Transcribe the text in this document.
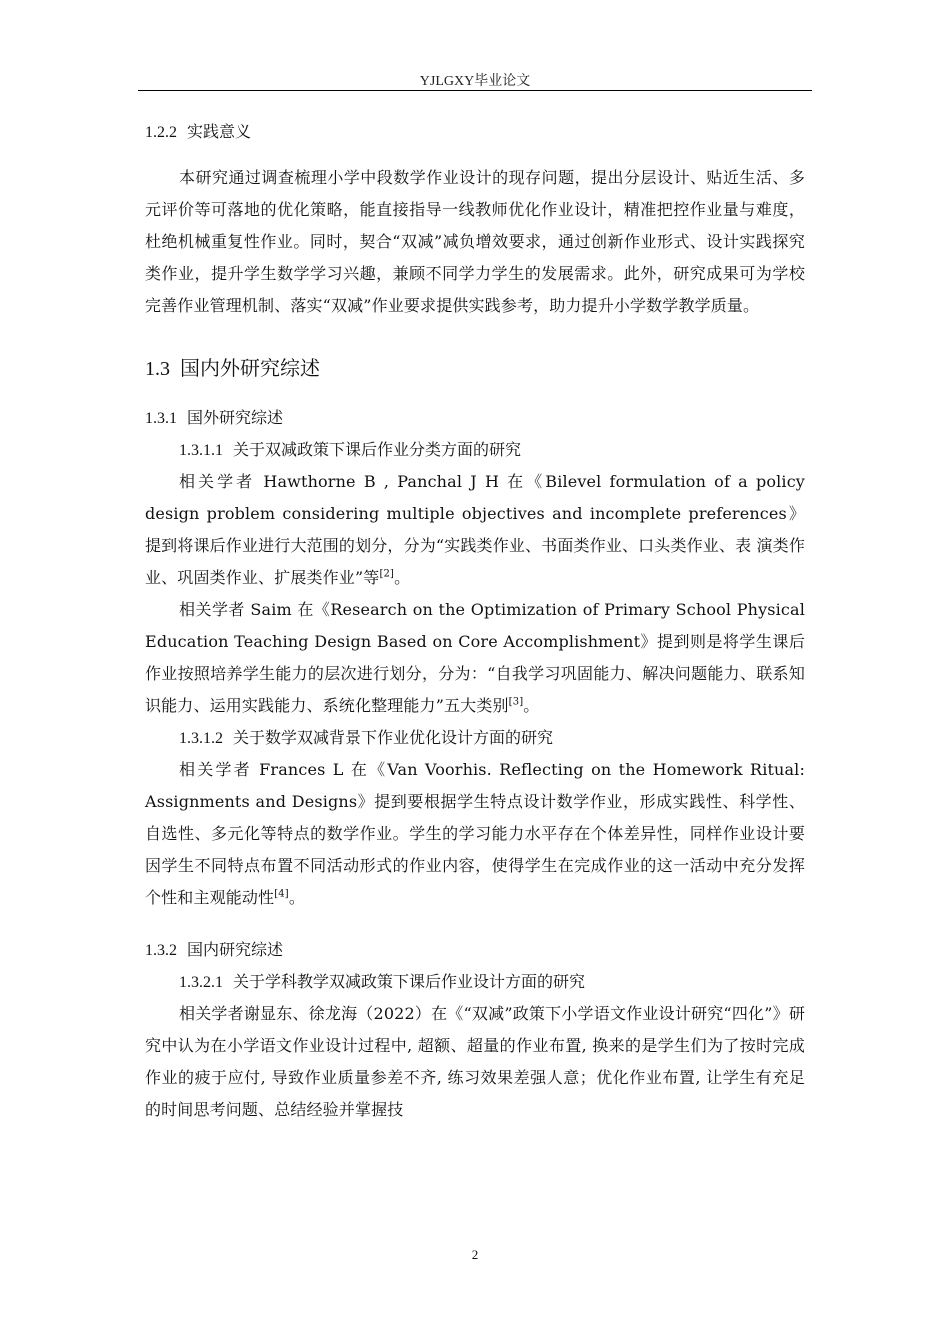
YJLGXY毕业论文
1.2.2 实践意义

本研究通过调查梳理小学中段数学作业设计的现存问题，提出分层设计、贴近生活、多元评价等可落地的优化策略，能直接指导一线教师优化作业设计，精准把控作业量与难度，杜绝机械重复性作业。同时，契合“双减”减负增效要求，通过创新作业形式、设计实践探究类作业，提升学生数学学习兴趣，兼顾不同学力学生的发展需求。此外，研究成果可为学校完善作业管理机制、落实“双减”作业要求提供实践参考，助力提升小学数学教学质量。

1.3 国内外研究综述
1.3.1 国外研究综述
1.3.1.1 关于双减政策下课后作业分类方面的研究

相关学者 Hawthorne B , Panchal J H 在《Bilevel formulation of a policy design problem considering multiple objectives and incomplete preferences》提到将课后作业进行大范围的划分，分为“实践类作业、书面类作业、口头类作业、表 演类作业、巩固类作业、扩展类作业”等[2]。

相关学者 Saim 在《Research on the Optimization of Primary School Physical Education Teaching Design Based on Core Accomplishment》提到则是将学生课后作业按照培养学生能力的层次进行划分，分为：“自我学习巩固能力、解决问题能力、联系知识能力、运用实践能力、系统化整理能力”五大类别[3]。

1.3.1.2 关于数学双减背景下作业优化设计方面的研究

相关学者 Frances L 在《Van Voorhis. Reflecting on the Homework Ritual: Assignments and Designs》提到要根据学生特点设计数学作业，形成实践性、科学性、自选性、多元化等特点的数学作业。学生的学习能力水平存在个体差异性，同样作业设计要因学生不同特点布置不同活动形式的作业内容，使得学生在完成作业的这一活动中充分发挥个性和主观能动性[4]。

1.3.2 国内研究综述
1.3.2.1 关于学科教学双减政策下课后作业设计方面的研究

相关学者谢显东、徐龙海（2022）在《“双减”政策下小学语文作业设计研究“四化”》研究中认为在小学语文作业设计过程中, 超额、超量的作业布置, 换来的是学生们为了按时完成作业的疲于应付, 导致作业质量参差不齐, 练习效果差强人意；优化作业布置, 让学生有充足的时间思考问题、总结经验并掌握技

2
